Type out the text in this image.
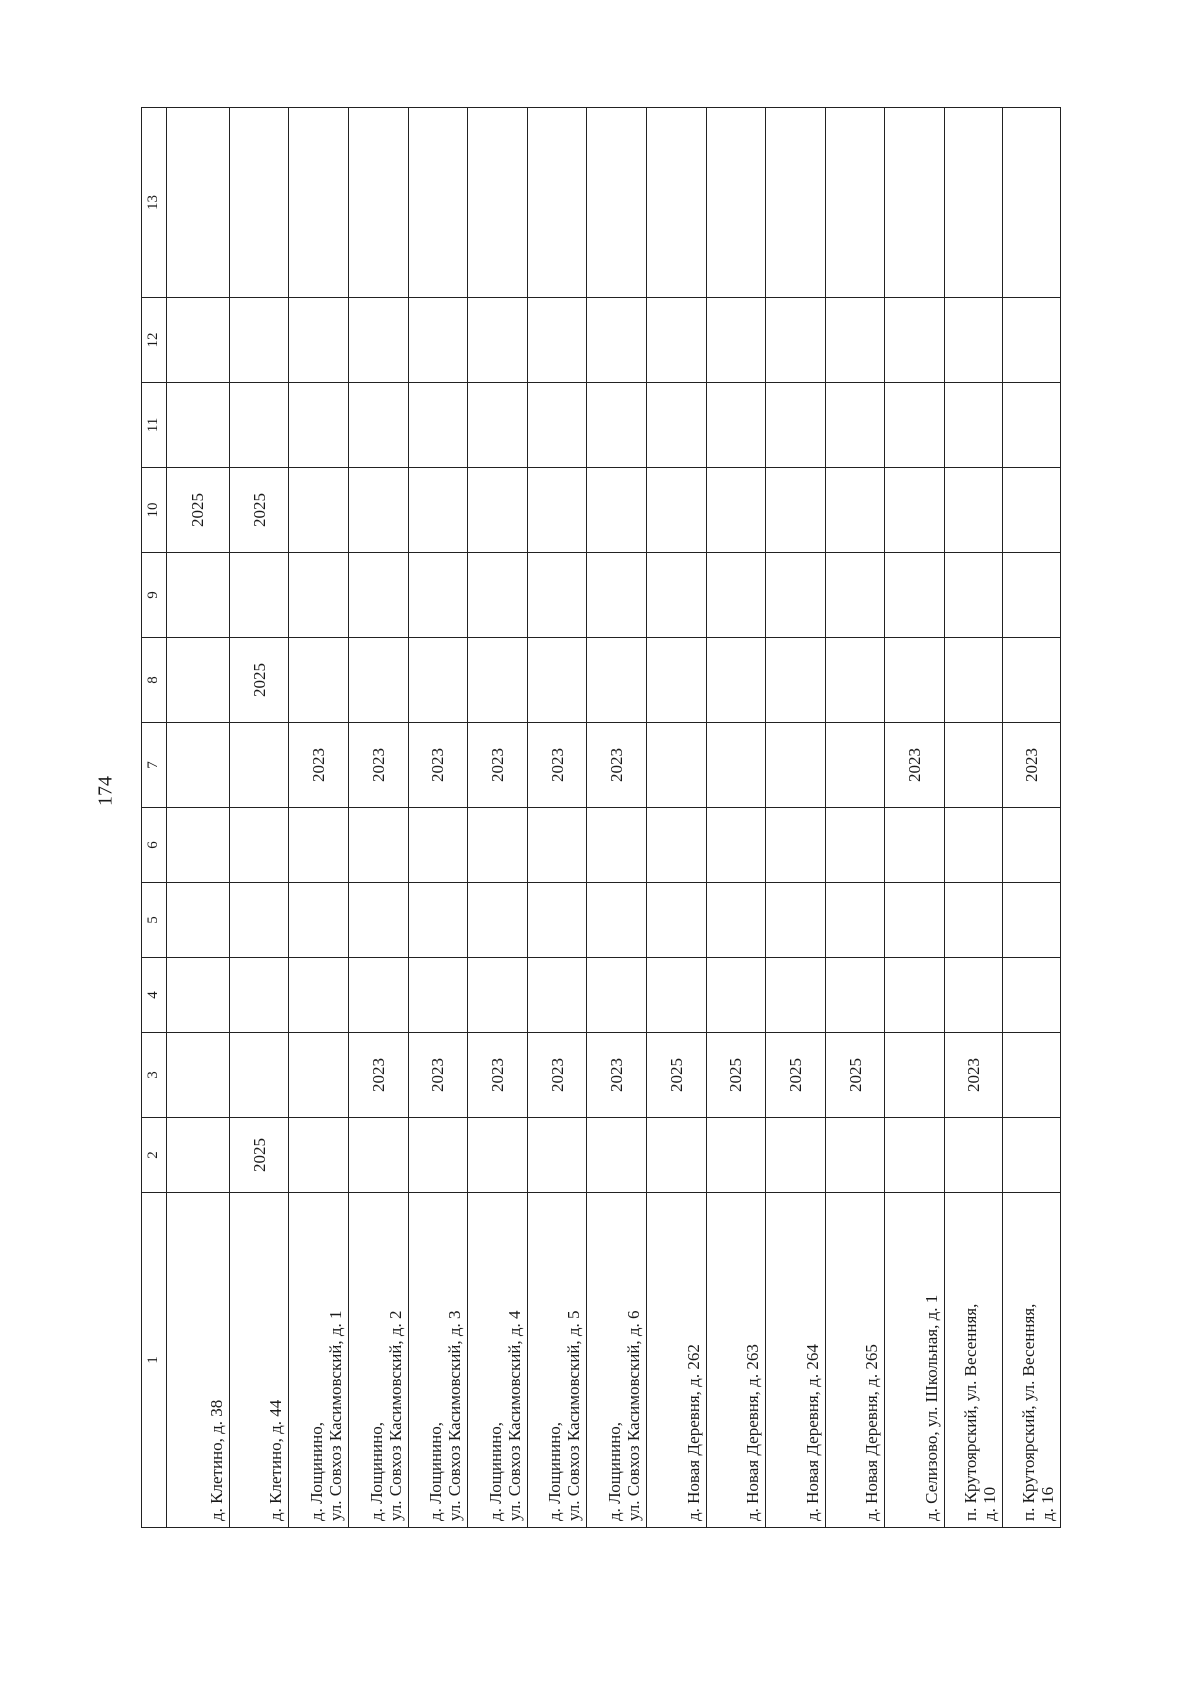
174
1	2	3	4	5	6	7	8	9	10	11	12	13
д. Клетино, д. 38									2025			
д. Клетино, д. 44	2025						2025		2025			
д. Лощинино,
ул. Совхоз Касимовский, д. 1						2023						
д. Лощинино,
ул. Совхоз Касимовский, д. 2		2023				2023						
д. Лощинино,
ул. Совхоз Касимовский, д. 3		2023				2023						
д. Лощинино,
ул. Совхоз Касимовский, д. 4		2023				2023						
д. Лощинино,
ул. Совхоз Касимовский, д. 5		2023				2023						
д. Лощинино,
ул. Совхоз Касимовский, д. 6		2023				2023						
д. Новая Деревня, д. 262		2025										
д. Новая Деревня, д. 263		2025										
д. Новая Деревня, д. 264		2025										
д. Новая Деревня, д. 265		2025										
д. Селизово, ул. Школьная, д. 1						2023						
п. Крутоярский, ул. Весенняя,
д. 10		2023										
п. Крутоярский, ул. Весенняя,
д. 16						2023						
